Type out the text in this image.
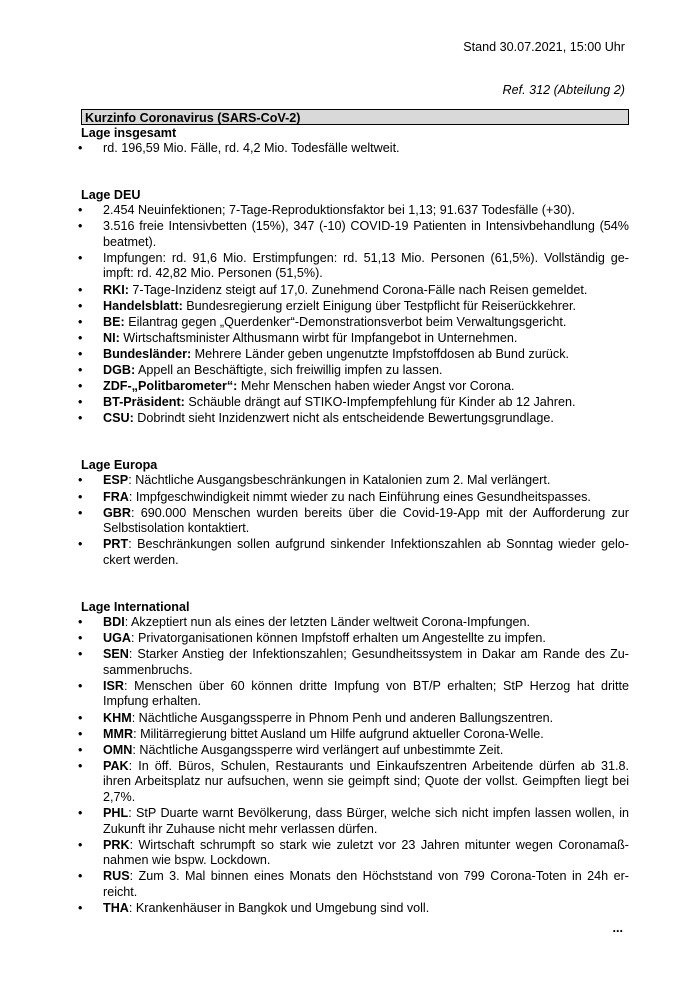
Stand 30.07.2021, 15:00 Uhr
Ref. 312 (Abteilung 2)
Kurzinfo Coronavirus (SARS-CoV-2)
Lage insgesamt
• rd. 196,59 Mio. Fälle, rd. 4,2 Mio. Todesfälle weltweit.
Lage DEU
• 2.454 Neuinfektionen; 7-Tage-Reproduktionsfaktor bei 1,13; 91.637 Todesfälle (+30).
• 3.516 freie Intensivbetten (15%), 347 (-10) COVID-19 Patienten in Intensivbehandlung (54% beatmet).
• Impfungen: rd. 91,6 Mio. Erstimpfungen: rd. 51,13 Mio. Personen (61,5%). Vollständig ge-impft: rd. 42,82 Mio. Personen (51,5%).
• RKI: 7-Tage-Inzidenz steigt auf 17,0. Zunehmend Corona-Fälle nach Reisen gemeldet.
• Handelsblatt: Bundesregierung erzielt Einigung über Testpflicht für Reiserückkehrer.
• BE: Eilantrag gegen „Querdenker“-Demonstrationsverbot beim Verwaltungsgericht.
• NI: Wirtschaftsminister Althusmann wirbt für Impfangebot in Unternehmen.
• Bundesländer: Mehrere Länder geben ungenutzte Impfstoffdosen ab Bund zurück.
• DGB: Appell an Beschäftigte, sich freiwillig impfen zu lassen.
• ZDF-„Politbarometer“: Mehr Menschen haben wieder Angst vor Corona.
• BT-Präsident: Schäuble drängt auf STIKO-Impfempfehlung für Kinder ab 12 Jahren.
• CSU: Dobrindt sieht Inzidenzwert nicht als entscheidende Bewertungsgrundlage.
Lage Europa
• ESP: Nächtliche Ausgangsbeschränkungen in Katalonien zum 2. Mal verlängert.
• FRA: Impfgeschwindigkeit nimmt wieder zu nach Einführung eines Gesundheitspasses.
• GBR: 690.000 Menschen wurden bereits über die Covid-19-App mit der Aufforderung zur Selbstisolation kontaktiert.
• PRT: Beschränkungen sollen aufgrund sinkender Infektionszahlen ab Sonntag wieder gelo-ckert werden.
Lage International
• BDI: Akzeptiert nun als eines der letzten Länder weltweit Corona-Impfungen.
• UGA: Privatorganisationen können Impfstoff erhalten um Angestellte zu impfen.
• SEN: Starker Anstieg der Infektionszahlen; Gesundheitssystem in Dakar am Rande des Zu-sammenbruchs.
• ISR: Menschen über 60 können dritte Impfung von BT/P erhalten; StP Herzog hat dritte Impfung erhalten.
• KHM: Nächtliche Ausgangssperre in Phnom Penh und anderen Ballungszentren.
• MMR: Militärregierung bittet Ausland um Hilfe aufgrund aktueller Corona-Welle.
• OMN: Nächtliche Ausgangssperre wird verlängert auf unbestimmte Zeit.
• PAK: In öff. Büros, Schulen, Restaurants und Einkaufszentren Arbeitende dürfen ab 31.8. ihren Arbeitsplatz nur aufsuchen, wenn sie geimpft sind; Quote der vollst. Geimpften liegt bei 2,7%.
• PHL: StP Duarte warnt Bevölkerung, dass Bürger, welche sich nicht impfen lassen wollen, in Zukunft ihr Zuhause nicht mehr verlassen dürfen.
• PRK: Wirtschaft schrumpft so stark wie zuletzt vor 23 Jahren mitunter wegen Coronamaß-nahmen wie bspw. Lockdown.
• RUS: Zum 3. Mal binnen eines Monats den Höchststand von 799 Corona-Toten in 24h er-reicht.
• THA: Krankenhäuser in Bangkok und Umgebung sind voll.
...
